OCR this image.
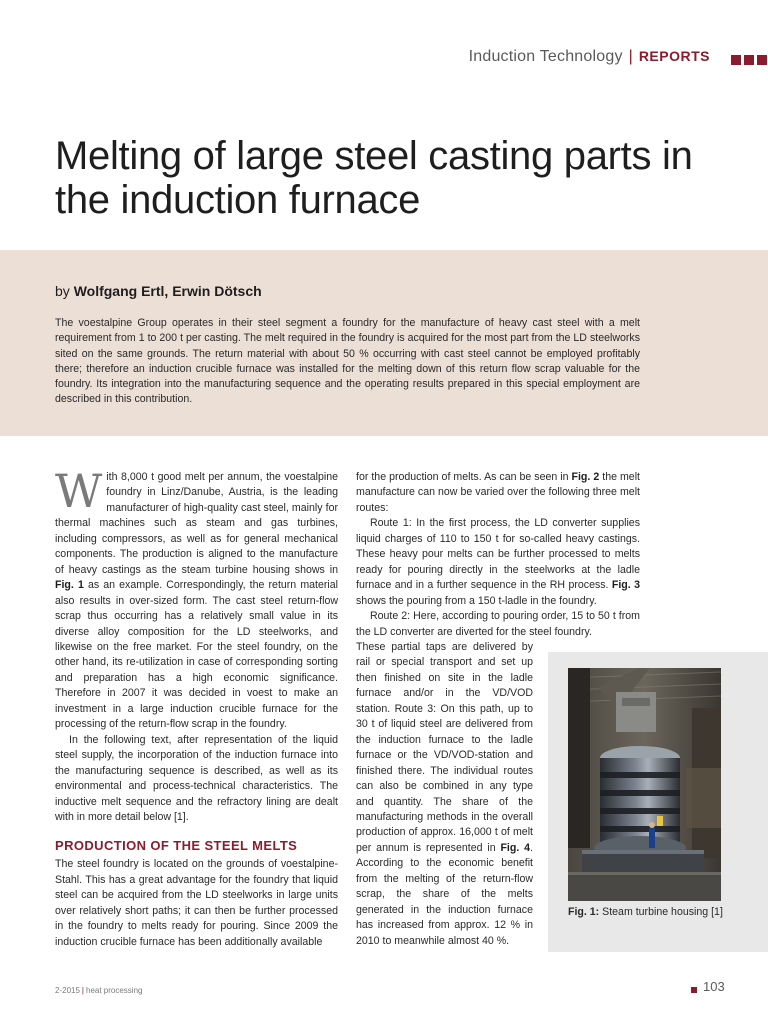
Induction Technology | REPORTS
Melting of large steel casting parts in the induction furnace
by Wolfgang Ertl, Erwin Dötsch

The voestalpine Group operates in their steel segment a foundry for the manufacture of heavy cast steel with a melt requirement from 1 to 200 t per casting. The melt required in the foundry is acquired for the most part from the LD steelworks sited on the same grounds. The return material with about 50 % occurring with cast steel cannot be employed profitably there; therefore an induction crucible furnace was installed for the melting down of this return flow scrap valuable for the foundry. Its integration into the manufacturing sequence and the operating results prepared in this special employment are described in this contribution.

With 8,000 t good melt per annum, the voestalpine foundry in Linz/Danube, Austria, is the leading manufacturer of high-quality cast steel, mainly for thermal machines such as steam and gas turbines, including compressors, as well as for general mechanical components. The production is aligned to the manufacture of heavy castings as the steam turbine housing shows in Fig. 1 as an example. Correspondingly, the return material also results in over-sized form. The cast steel return-flow scrap thus occurring has a relatively small value in its diverse alloy composition for the LD steelworks, and likewise on the free market. For the steel foundry, on the other hand, its re-utilization in case of corresponding sorting and preparation has a high economic significance. Therefore in 2007 it was decided in voest to make an investment in a large induction crucible furnace for the processing of the return-flow scrap in the foundry.

In the following text, after representation of the liquid steel supply, the incorporation of the induction furnace into the manufacturing sequence is described, as well as its environmental and process-technical characteristics. The inductive melt sequence and the refractory lining are dealt with in more detail below [1].

PRODUCTION OF THE STEEL MELTS

The steel foundry is located on the grounds of voestalpine-Stahl. This has a great advantage for the foundry that liquid steel can be acquired from the LD steelworks in large units over relatively short paths; it can then be further processed in the foundry to melts ready for pouring. Since 2009 the induction crucible furnace has been additionally available

for the production of melts. As can be seen in Fig. 2 the melt manufacture can now be varied over the following three melt routes:

Route 1: In the first process, the LD converter supplies liquid charges of 110 to 150 t for so-called heavy castings. These heavy pour melts can be further processed to melts ready for pouring directly in the steelworks at the ladle furnace and in a further sequence in the RH process. Fig. 3 shows the pouring from a 150 t-ladle in the foundry.

Route 2: Here, according to pouring order, 15 to 50 t from the LD converter are diverted for the steel foundry.

These partial taps are delivered by rail or special transport and set up then finished on site in the ladle furnace and/or in the VD/VOD station. Route 3: On this path, up to 30 t of liquid steel are delivered from the induction furnace to the ladle furnace or the VD/VOD-station and finished there. The individual routes can also be combined in any type and quantity. The share of the manufacturing methods in the overall production of approx. 16,000 t of melt per annum is represented in Fig. 4. According to the economic benefit from the melting of the return-flow scrap, the share of the melts generated in the induction furnace has increased from approx. 12 % in 2010 to meanwhile almost 40 %.

Fig. 1: Steam turbine housing [1]
2-2015 | heat processing	103
